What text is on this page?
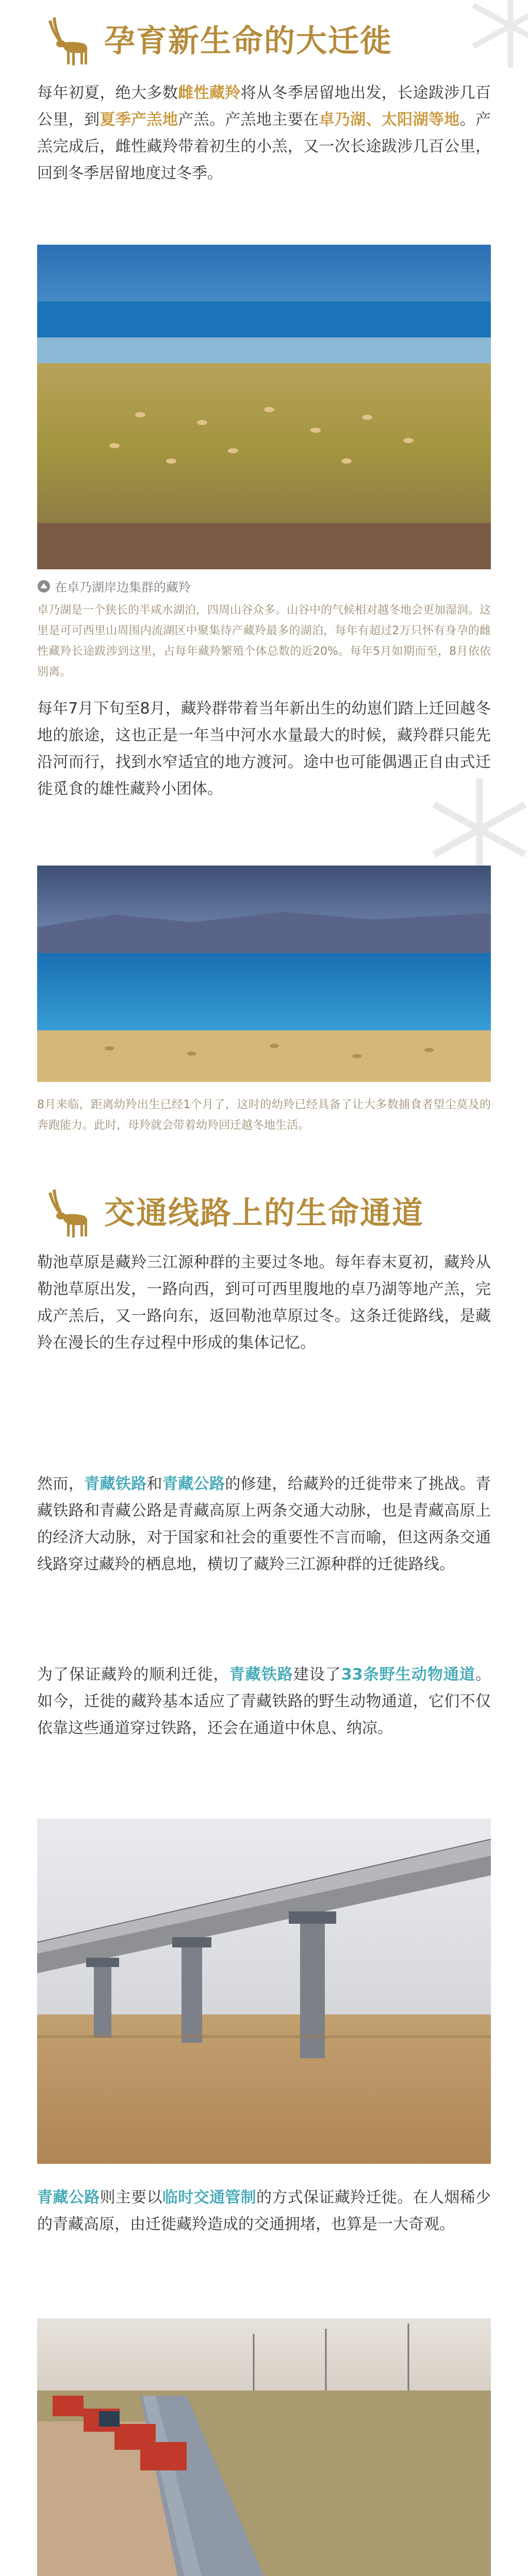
孕育新生命的大迁徙
每年初夏，绝大多数雌性藏羚将从冬季居留地出发，长途跋涉几百公里，到夏季产羔地产羔。产羔地主要在卓乃湖、太阳湖等地。产羔完成后，雌性藏羚带着初生的小羔，又一次长途跋涉几百公里，回到冬季居留地度过冬季。
在卓乃湖岸边集群的藏羚
卓乃湖是一个狭长的半咸水湖泊，四周山谷众多。山谷中的气候相对越冬地会更加湿润。这里是可可西里山周围内流湖区中聚集待产藏羚最多的湖泊，每年有超过2万只怀有身孕的雌性藏羚长途跋涉到这里，占每年藏羚繁殖个体总数的近20%。每年5月如期而至，8月依依别离。
每年7月下旬至8月，藏羚群带着当年新出生的幼崽们踏上迁回越冬地的旅途，这也正是一年当中河水水量最大的时候，藏羚群只能先沿河而行，找到水窄适宜的地方渡河。途中也可能偶遇正自由式迁徙觅食的雄性藏羚小团体。
8月来临，距离幼羚出生已经1个月了，这时的幼羚已经具备了让大多数捕食者望尘莫及的奔跑能力。此时，母羚就会带着幼羚回迁越冬地生活。
交通线路上的生命通道
勒池草原是藏羚三江源种群的主要过冬地。每年春末夏初，藏羚从勒池草原出发，一路向西，到可可西里腹地的卓乃湖等地产羔，完成产羔后，又一路向东，返回勒池草原过冬。这条迁徙路线，是藏羚在漫长的生存过程中形成的集体记忆。
然而，青藏铁路和青藏公路的修建，给藏羚的迁徙带来了挑战。青藏铁路和青藏公路是青藏高原上两条交通大动脉，也是青藏高原上的经济大动脉，对于国家和社会的重要性不言而喻，但这两条交通线路穿过藏羚的栖息地，横切了藏羚三江源种群的迁徙路线。
为了保证藏羚的顺利迁徙，青藏铁路建设了33条野生动物通道。如今，迁徙的藏羚基本适应了青藏铁路的野生动物通道，它们不仅依靠这些通道穿过铁路，还会在通道中休息、纳凉。
青藏公路则主要以临时交通管制的方式保证藏羚迁徙。在人烟稀少的青藏高原，由迁徙藏羚造成的交通拥堵，也算是一大奇观。
